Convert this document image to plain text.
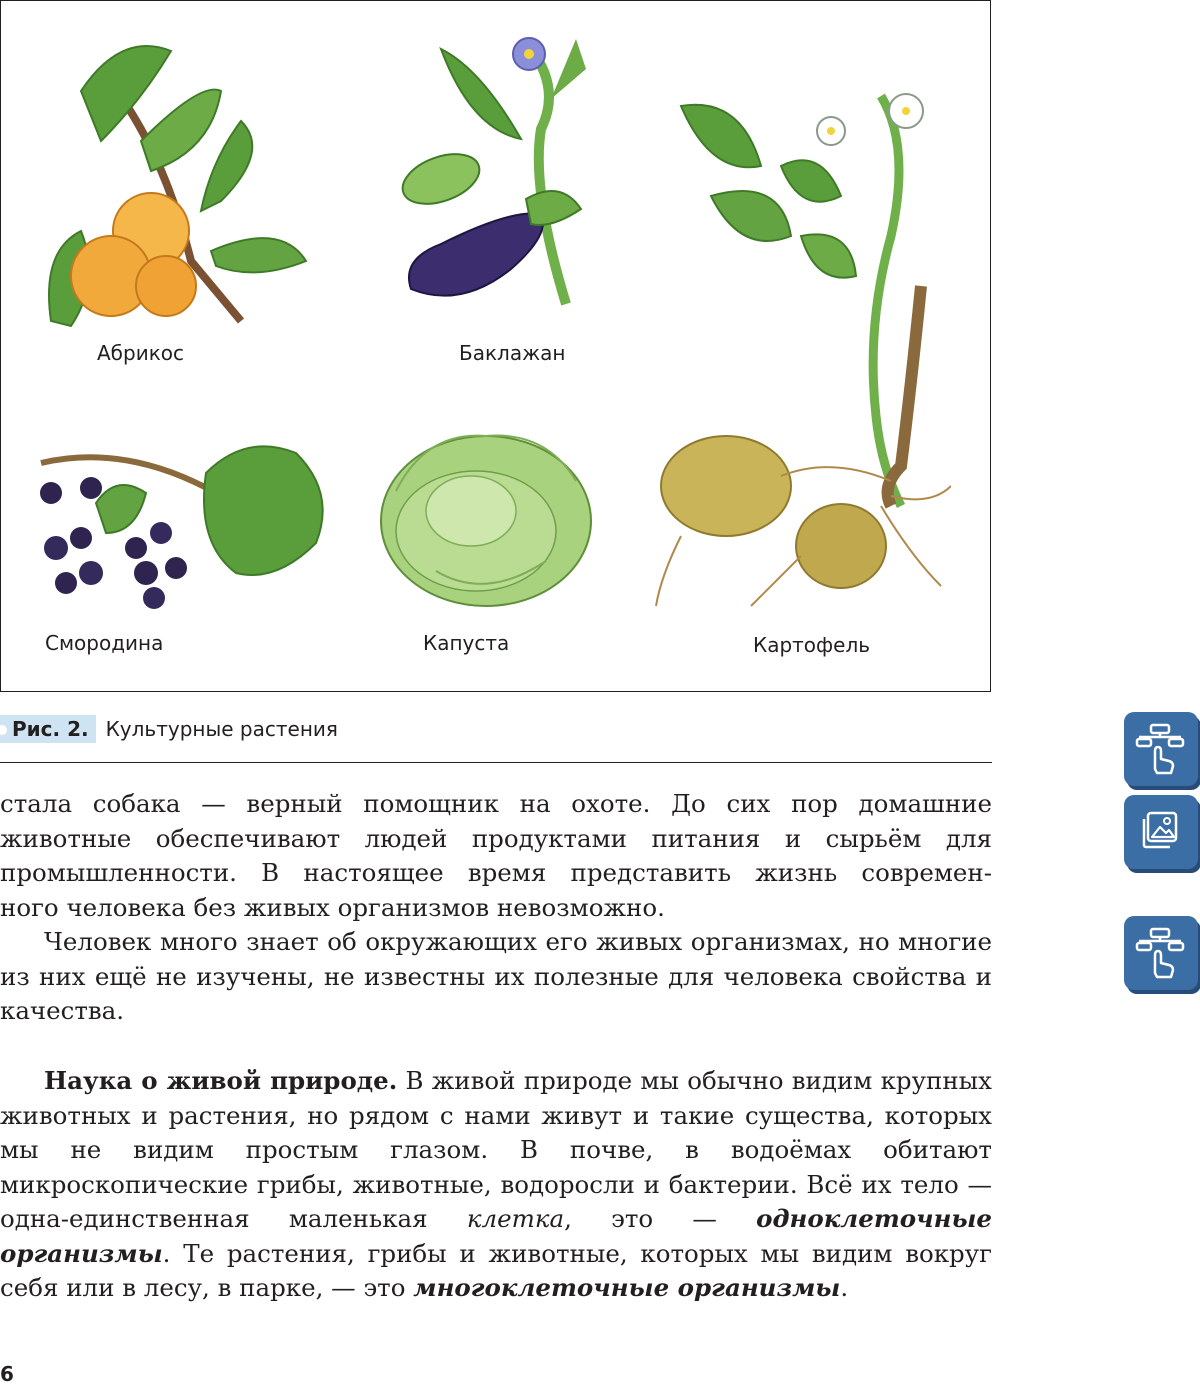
Абрикос	Баклажан
Картофель
Смородина	Капуста
Рис. 2. Культурные растения

стала собака — верный помощник на охоте. До сих пор домашние

животные обеспечивают людей продуктами питания и сырьём для

промышленности. В настоящее время представить жизнь современ-

ного человека без живых организмов невозможно.

Человек много знает об окружающих его живых организмах, но многие из них ещё не изучены, не известны их полезные для человека свойства и качества.

Наука о живой природе. В живой природе мы обычно видим крупных животных и растения, но рядом с нами живут и такие существа, которых мы не видим простым глазом. В почве, в водоёмах обитают микроскопические грибы, животные, водоросли и бактерии. Всё их тело — одна-единственная маленькая клетка, это — одноклеточные организмы. Те растения, грибы и животные, которых мы видим вокруг себя или в лесу, в парке, — это многоклеточные организмы.

6
